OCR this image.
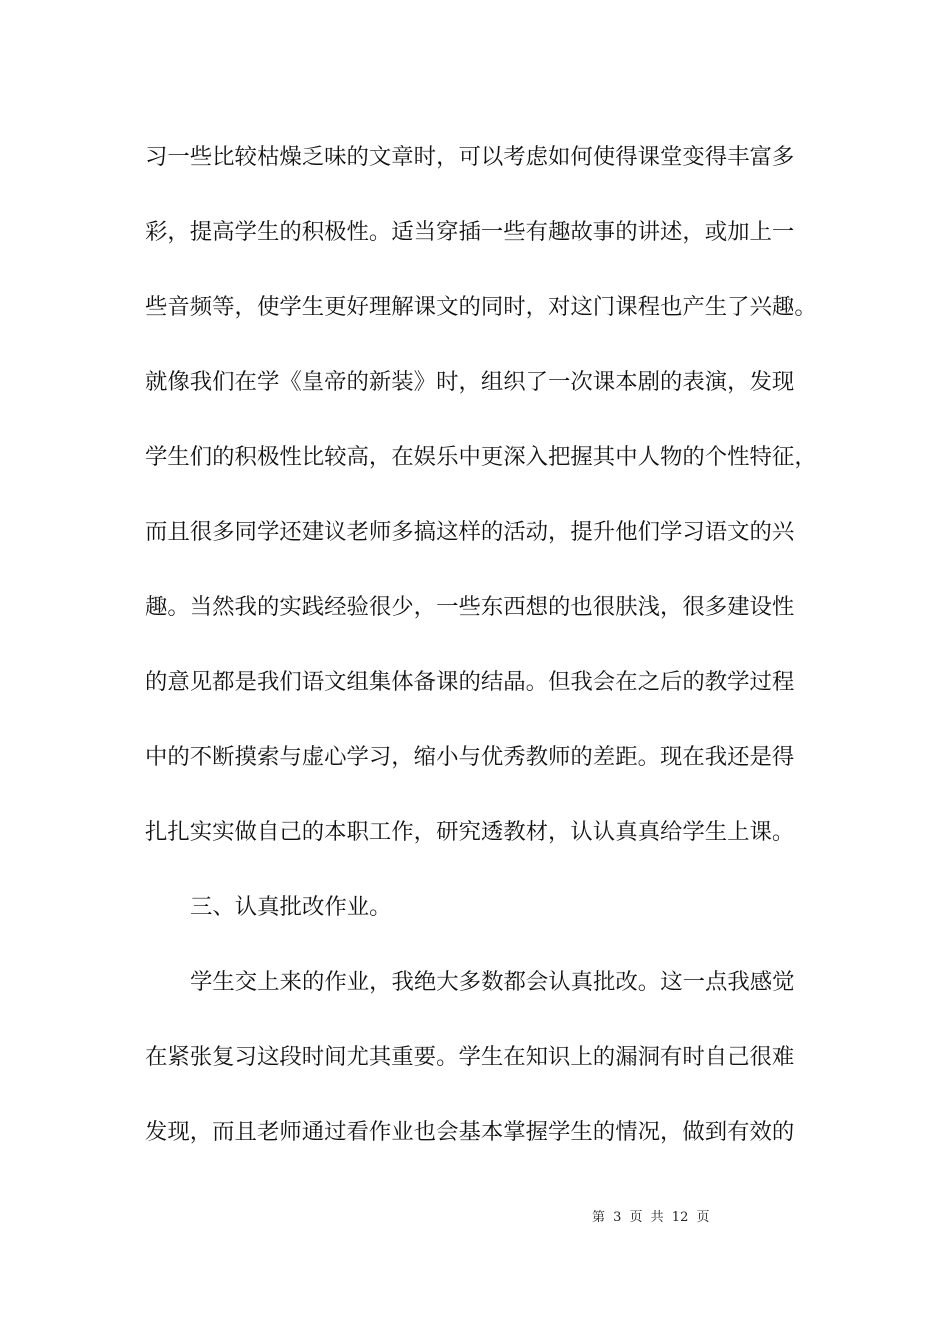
习一些比较枯燥乏味的文章时，可以考虑如何使得课堂变得丰富多
彩，提高学生的积极性。适当穿插一些有趣故事的讲述，或加上一
些音频等，使学生更好理解课文的同时，对这门课程也产生了兴趣。
就像我们在学《皇帝的新装》时，组织了一次课本剧的表演，发现
学生们的积极性比较高，在娱乐中更深入把握其中人物的个性特征，
而且很多同学还建议老师多搞这样的活动，提升他们学习语文的兴
趣。当然我的实践经验很少，一些东西想的也很肤浅，很多建设性
的意见都是我们语文组集体备课的结晶。但我会在之后的教学过程
中的不断摸索与虚心学习，缩小与优秀教师的差距。现在我还是得
扎扎实实做自己的本职工作，研究透教材，认认真真给学生上课。
三、认真批改作业。
学生交上来的作业，我绝大多数都会认真批改。这一点我感觉
在紧张复习这段时间尤其重要。学生在知识上的漏洞有时自己很难
发现，而且老师通过看作业也会基本掌握学生的情况，做到有效的
第 3 页 共 12 页
